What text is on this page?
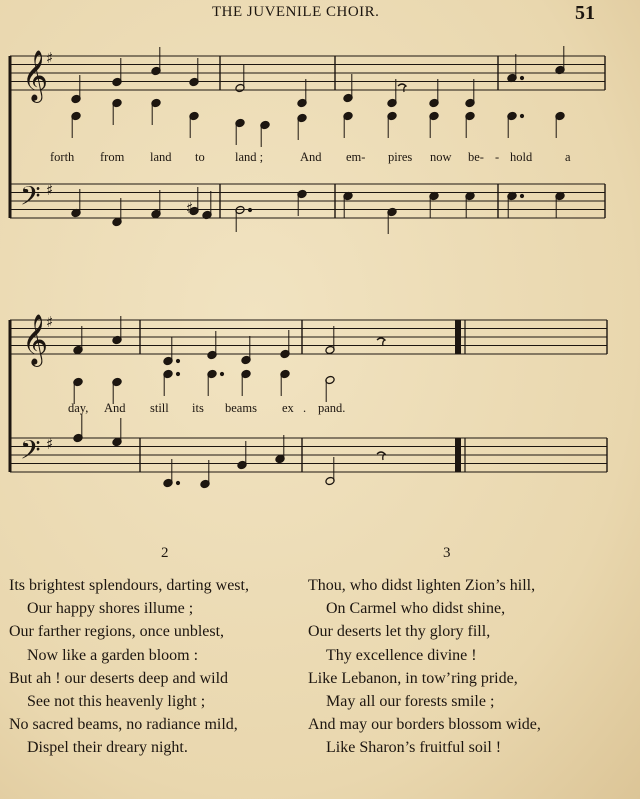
THE JUVENILE CHOIR.	51
𝄞
𝄢
♯
♯
♯
𝄞
𝄢
♯
♯
forth from land to land ;	And em- pires now be- - hold	a
day, And still its beams ex . pand.
2	3
Its brightest splendours, darting west,
Our happy shores illume ;
Our farther regions, once unblest,
Now like a garden bloom :
But ah ! our deserts deep and wild
See not this heavenly light ;
No sacred beams, no radiance mild,
Dispel their dreary night.
Thou, who didst lighten Zion’s hill,
On Carmel who didst shine,
Our deserts let thy glory fill,
Thy excellence divine !
Like Lebanon, in tow’ring pride,
May all our forests smile ;
And may our borders blossom wide,
Like Sharon’s fruitful soil !
